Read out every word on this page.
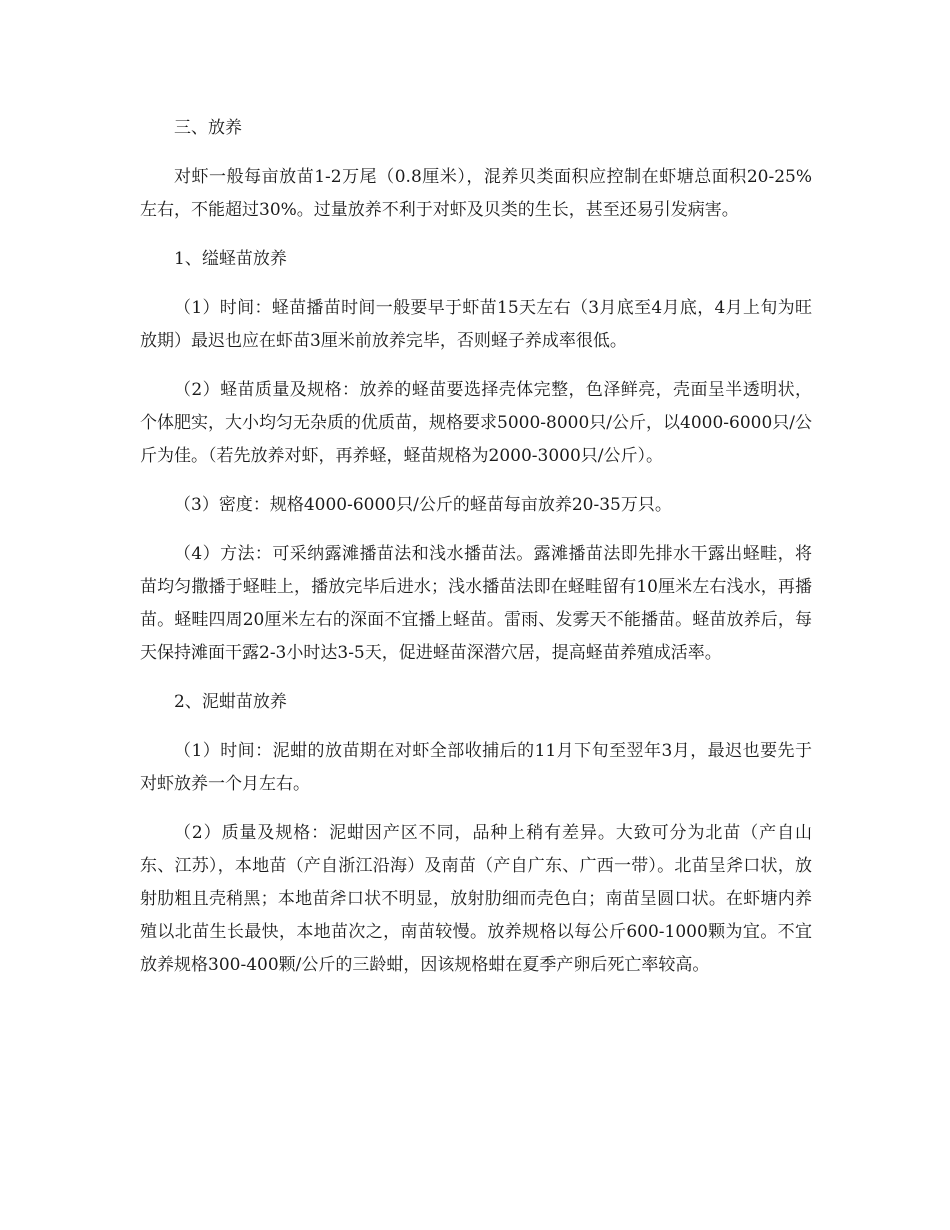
三、放养

对虾一般每亩放苗1-2万尾（0.8厘米），混养贝类面积应控制在虾塘总面积20-25%左右，不能超过30%。过量放养不利于对虾及贝类的生长，甚至还易引发病害。

1、缢蛏苗放养

（1）时间：蛏苗播苗时间一般要早于虾苗15天左右（3月底至4月底，4月上旬为旺放期）最迟也应在虾苗3厘米前放养完毕，否则蛏子养成率很低。

（2）蛏苗质量及规格：放养的蛏苗要选择壳体完整，色泽鲜亮，壳面呈半透明状，个体肥实，大小均匀无杂质的优质苗，规格要求5000-8000只/公斤，以4000-6000只/公斤为佳。（若先放养对虾，再养蛏，蛏苗规格为2000-3000只/公斤）。

（3）密度：规格4000-6000只/公斤的蛏苗每亩放养20-35万只。

（4）方法：可采纳露滩播苗法和浅水播苗法。露滩播苗法即先排水干露出蛏畦，将苗均匀撒播于蛏畦上，播放完毕后进水；浅水播苗法即在蛏畦留有10厘米左右浅水，再播苗。蛏畦四周20厘米左右的深面不宜播上蛏苗。雷雨、发雾天不能播苗。蛏苗放养后，每天保持滩面干露2-3小时达3-5天，促进蛏苗深潜穴居，提高蛏苗养殖成活率。

2、泥蚶苗放养

（1）时间：泥蚶的放苗期在对虾全部收捕后的11月下旬至翌年3月，最迟也要先于对虾放养一个月左右。

（2）质量及规格：泥蚶因产区不同，品种上稍有差异。大致可分为北苗（产自山东、江苏），本地苗（产自浙江沿海）及南苗（产自广东、广西一带）。北苗呈斧口状，放射肋粗且壳稍黑；本地苗斧口状不明显，放射肋细而壳色白；南苗呈圆口状。在虾塘内养殖以北苗生长最快，本地苗次之，南苗较慢。放养规格以每公斤600-1000颗为宜。不宜放养规格300-400颗/公斤的三龄蚶，因该规格蚶在夏季产卵后死亡率较高。
